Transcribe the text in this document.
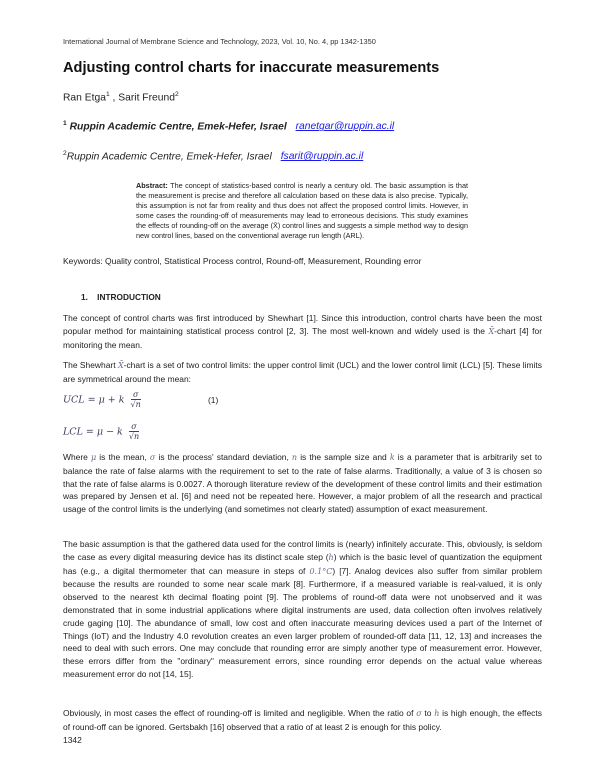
International Journal of Membrane Science and Technology, 2023, Vol. 10, No. 4, pp 1342-1350
Adjusting control charts for inaccurate measurements
Ran Etga$^1$ , Sarit Freund$^2$
$^1$ Ruppin Academic Centre, Emek-Hefer, Israel ranetgar@ruppin.ac.il
$^2$Ruppin Academic Centre, Emek-Hefer, Israel fsarit@ruppin.ac.il
Abstract: The concept of statistics-based control is nearly a century old. The basic assumption is that the measurement is precise and therefore all calculation based on these data is also precise. Typically, this assumption is not far from reality and thus does not affect the proposed control limits. However, in some cases the rounding-off of measurements may lead to erroneous decisions. This study examines the effects of rounding-off on the average (X̄) control lines and suggests a simple method way to design new control lines, based on the conventional average run length (ARL).
Keywords: Quality control, Statistical Process control, Round-off, Measurement, Rounding error
1. INTRODUCTION
The concept of control charts was first introduced by Shewhart [1]. Since this introduction, control charts have been the most popular method for maintaining statistical process control [2, 3]. The most well-known and widely used is the X̄-chart [4] for monitoring the mean.
The Shewhart X̄-chart is a set of two control limits: the upper control limit (UCL) and the lower control limit (LCL) [5]. These limits are symmetrical around the mean:
UCL = μ + k $\frac{\sigma}{√n}$	(1)
LCL = μ − k $\frac{\sigma}{√n}$
Where μ is the mean, σ is the process' standard deviation, n is the sample size and k is a parameter that is arbitrarily set to balance the rate of false alarms with the requirement to set to the rate of false alarms. Traditionally, a value of 3 is chosen so that the rate of false alarms is 0.0027. A thorough literature review of the development of these control limits and their estimation was prepared by Jensen et al. [6] and need not be repeated here. However, a major problem of all the research and practical usage of the control limits is the underlying (and sometimes not clearly stated) assumption of exact measurement.
The basic assumption is that the gathered data used for the control limits is (nearly) infinitely accurate. This, obviously, is seldom the case as every digital measuring device has its distinct scale step (h) which is the basic level of quantization the equipment has (e.g., a digital thermometer that can measure in steps of 0.1°C) [7]. Analog devices also suffer from similar problem because the results are rounded to some near scale mark [8]. Furthermore, if a measured variable is real-valued, it is only observed to the nearest kth decimal floating point [9]. The problems of round-off data were not unobserved and it was demonstrated that in some industrial applications where digital instruments are used, data collection often involves relatively crude gaging [10]. The abundance of small, low cost and often inaccurate measuring devices used a part of the Internet of Things (IoT) and the Industry 4.0 revolution creates an even larger problem of rounded-off data [11, 12, 13] and increases the need to deal with such errors. One may conclude that rounding error are simply another type of measurement error. However, these errors differ from the "ordinary" measurement errors, since rounding error depends on the actual value whereas measurement error do not [14, 15].
Obviously, in most cases the effect of rounding-off is limited and negligible. When the ratio of σ to h is high enough, the effects of round-off can be ignored. Gertsbakh [16] observed that a ratio of at least 2 is enough for this policy.
1342
